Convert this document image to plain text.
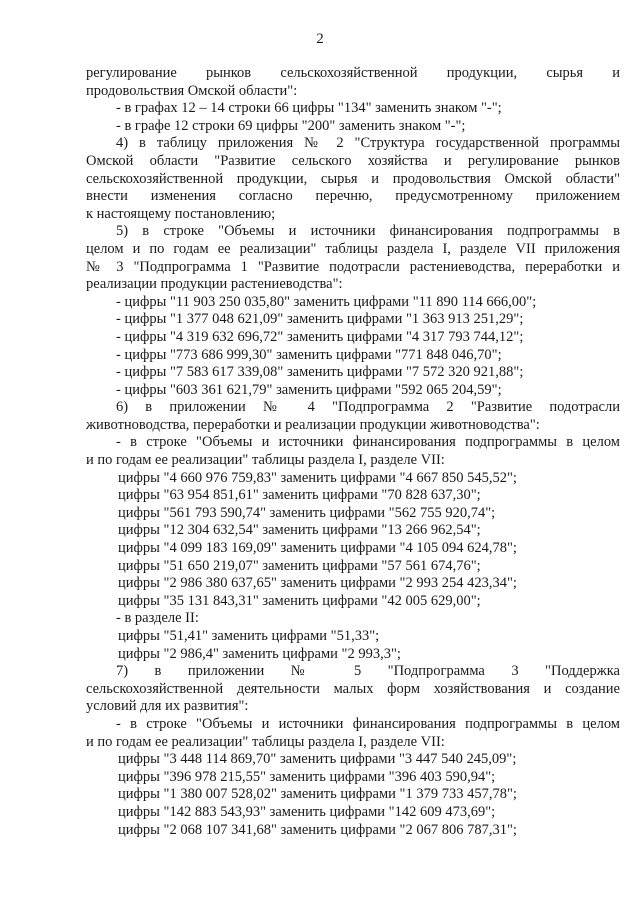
2
регулирование рынков сельскохозяйственной продукции, сырья и
продовольствия Омской области":
- в графах 12 – 14 строки 66 цифры "134" заменить знаком "-";
- в графе 12 строки 69 цифры "200" заменить знаком "-";
4) в таблицу приложения № 2 "Структура государственной программы
Омской области "Развитие сельского хозяйства и регулирование рынков
сельскохозяйственной продукции, сырья и продовольствия Омской области"
внести изменения согласно перечню, предусмотренному приложением
к настоящему постановлению;
5) в строке "Объемы и источники финансирования подпрограммы в
целом и по годам ее реализации" таблицы раздела I, разделе VII приложения
№ 3 "Подпрограмма 1 "Развитие подотрасли растениеводства, переработки и
реализации продукции растениеводства":
- цифры "11 903 250 035,80" заменить цифрами "11 890 114 666,00";
- цифры "1 377 048 621,09" заменить цифрами "1 363 913 251,29";
- цифры "4 319 632 696,72" заменить цифрами "4 317 793 744,12";
- цифры "773 686 999,30" заменить цифрами "771 848 046,70";
- цифры "7 583 617 339,08" заменить цифрами "7 572 320 921,88";
- цифры "603 361 621,79" заменить цифрами "592 065 204,59";
6) в приложении № 4 "Подпрограмма 2 "Развитие подотрасли
животноводства, переработки и реализации продукции животноводства":
- в строке "Объемы и источники финансирования подпрограммы в целом
и по годам ее реализации" таблицы раздела I, разделе VII:
цифры "4 660 976 759,83" заменить цифрами "4 667 850 545,52";
цифры "63 954 851,61" заменить цифрами "70 828 637,30";
цифры "561 793 590,74" заменить цифрами "562 755 920,74";
цифры "12 304 632,54" заменить цифрами "13 266 962,54";
цифры "4 099 183 169,09" заменить цифрами "4 105 094 624,78";
цифры "51 650 219,07" заменить цифрами "57 561 674,76";
цифры "2 986 380 637,65" заменить цифрами "2 993 254 423,34";
цифры "35 131 843,31" заменить цифрами "42 005 629,00";
- в разделе II:
цифры "51,41" заменить цифрами "51,33";
цифры "2 986,4" заменить цифрами "2 993,3";
7) в приложении № 5 "Подпрограмма 3 "Поддержка
сельскохозяйственной деятельности малых форм хозяйствования и создание
условий для их развития":
- в строке "Объемы и источники финансирования подпрограммы в целом
и по годам ее реализации" таблицы раздела I, разделе VII:
цифры "3 448 114 869,70" заменить цифрами "3 447 540 245,09";
цифры "396 978 215,55" заменить цифрами "396 403 590,94";
цифры "1 380 007 528,02" заменить цифрами "1 379 733 457,78";
цифры "142 883 543,93" заменить цифрами "142 609 473,69";
цифры "2 068 107 341,68" заменить цифрами "2 067 806 787,31";
